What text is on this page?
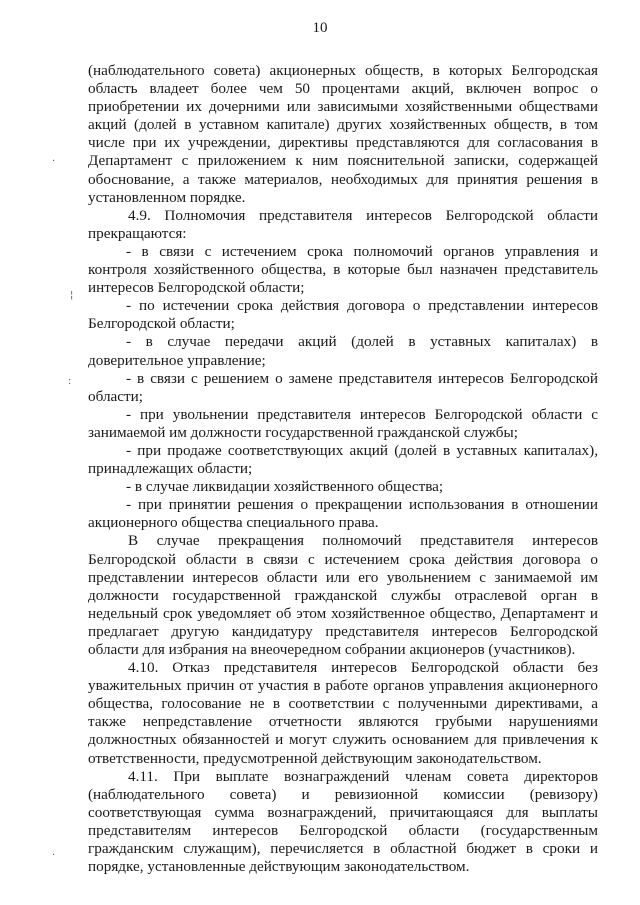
10

(наблюдательного совета) акционерных обществ, в которых Белгородская область владеет более чем 50 процентами акций, включен вопрос о приобретении их дочерними или зависимыми хозяйственными обществами акций (долей в уставном капитале) других хозяйственных обществ, в том числе при их учреждении, директивы представляются для согласования в Департамент с приложением к ним пояснительной записки, содержащей обоснование, а также материалов, необходимых для принятия решения в установленном порядке.

4.9. Полномочия представителя интересов Белгородской области прекращаются:

- в связи с истечением срока полномочий органов управления и контроля хозяйственного общества, в которые был назначен представитель интересов Белгородской области;

- по истечении срока действия договора о представлении интересов Белгородской области;

- в случае передачи акций (долей в уставных капиталах) в доверительное управление;

- в связи с решением о замене представителя интересов Белгородской области;

- при увольнении представителя интересов Белгородской области с занимаемой им должности государственной гражданской службы;

- при продаже соответствующих акций (долей в уставных капиталах), принадлежащих области;

- в случае ликвидации хозяйственного общества;

- при принятии решения о прекращении использования в отношении акционерного общества специального права.

В случае прекращения полномочий представителя интересов Белгородской области в связи с истечением срока действия договора о представлении интересов области или его увольнением с занимаемой им должности государственной гражданской службы отраслевой орган в недельный срок уведомляет об этом хозяйственное общество, Департамент и предлагает другую кандидатуру представителя интересов Белгородской области для избрания на внеочередном собрании акционеров (участников).

4.10. Отказ представителя интересов Белгородской области без уважительных причин от участия в работе органов управления акционерного общества, голосование не в соответствии с полученными директивами, а также непредставление отчетности являются грубыми нарушениями должностных обязанностей и могут служить основанием для привлечения к ответственности, предусмотренной действующим законодательством.

4.11. При выплате вознаграждений членам совета директоров (наблюдательного совета) и ревизионной комиссии (ревизору) соответствующая сумма вознаграждений, причитающаяся для выплаты представителям интересов Белгородской области (государственным гражданским служащим), перечисляется в областной бюджет в сроки и порядке, установленные действующим законодательством.

·
¦
:
·
